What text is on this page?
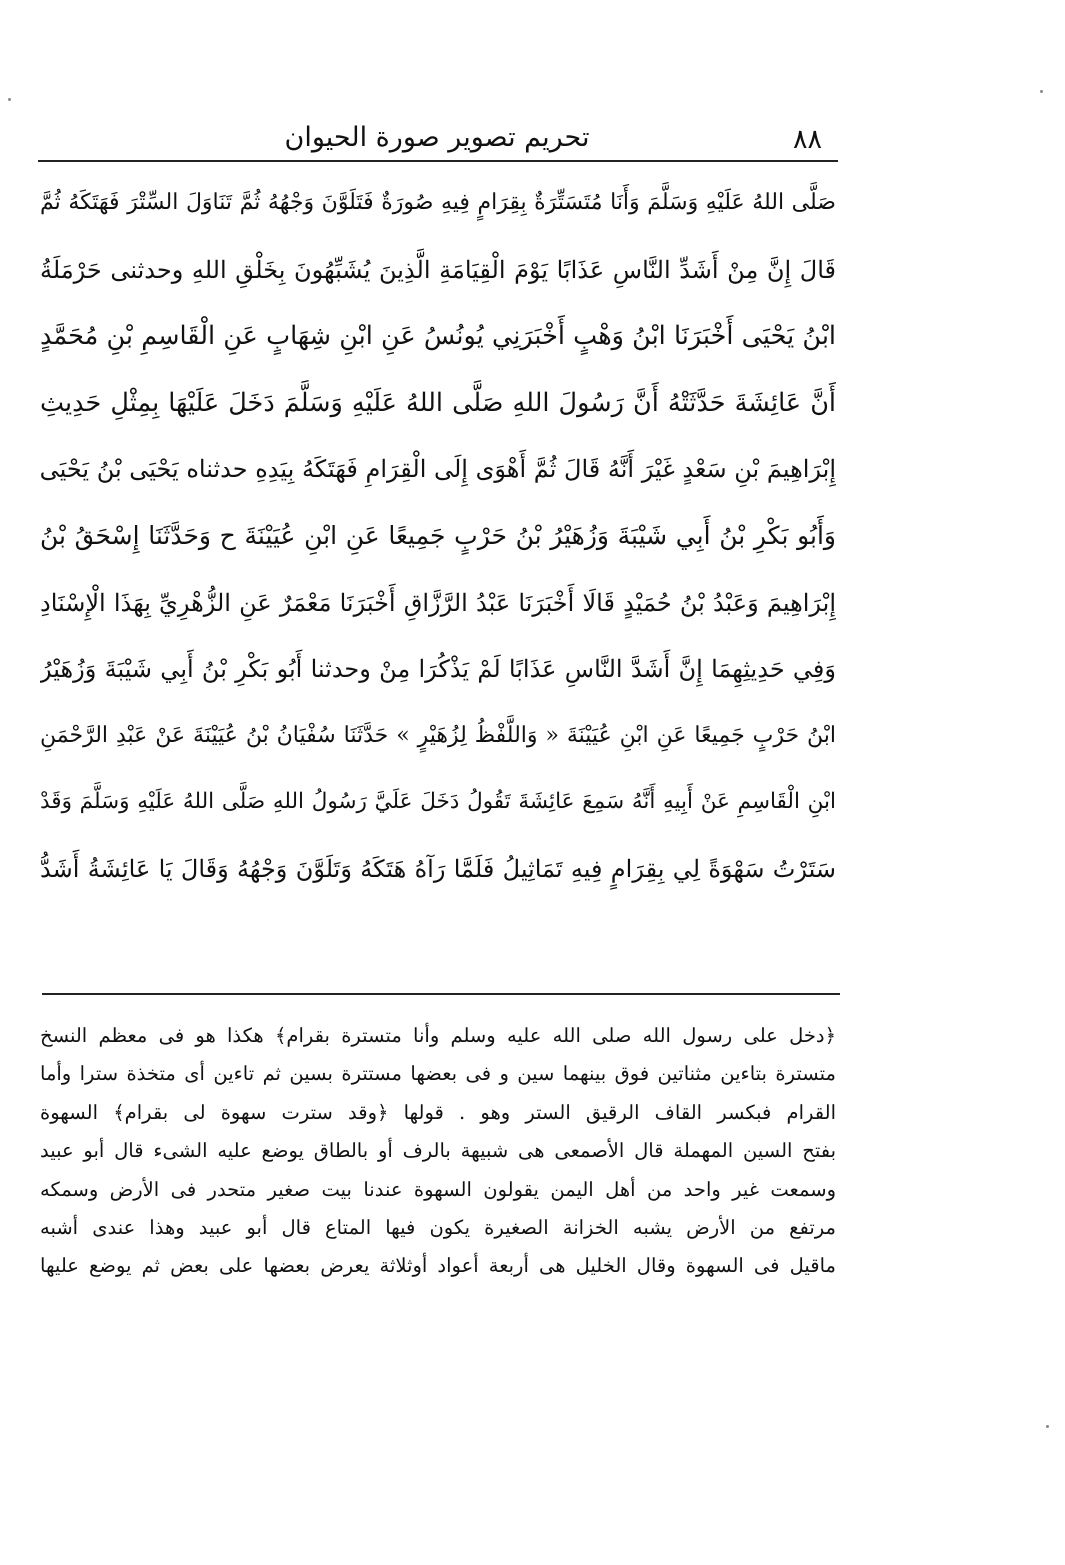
٨٨
تحريم تصوير صورة الحيوان
صَلَّى اللهُ عَلَيْهِ وَسَلَّمَ وَأَنَا مُتَسَتِّرَةٌ بِقِرَامٍ فِيهِ صُورَةٌ فَتَلَوَّنَ وَجْهُهُ ثُمَّ تَنَاوَلَ السِّتْرَ فَهَتَكَهُ ثُمَّ
قَالَ إِنَّ مِنْ أَشَدِّ النَّاسِ عَذَابًا يَوْمَ الْقِيَامَةِ الَّذِينَ يُشَبِّهُونَ بِخَلْقِ اللهِ وحدثنى حَرْمَلَةُ
ابْنُ يَحْيَى أَخْبَرَنَا ابْنُ وَهْبٍ أَخْبَرَنِي يُونُسُ عَنِ ابْنِ شِهَابٍ عَنِ الْقَاسِمِ بْنِ مُحَمَّدٍ
أَنَّ عَائِشَةَ حَدَّثَتْهُ أَنَّ رَسُولَ اللهِ صَلَّى اللهُ عَلَيْهِ وَسَلَّمَ دَخَلَ عَلَيْهَا بِمِثْلِ حَدِيثِ
إِبْرَاهِيمَ بْنِ سَعْدٍ غَيْرَ أَنَّهُ قَالَ ثُمَّ أَهْوَى إِلَى الْقِرَامِ فَهَتَكَهُ بِيَدِهِ حدثناه يَحْيَى بْنُ يَحْيَى
وَأَبُو بَكْرِ بْنُ أَبِي شَيْبَةَ وَزُهَيْرُ بْنُ حَرْبٍ جَمِيعًا عَنِ ابْنِ عُيَيْنَةَ ح وَحَدَّثَنَا إِسْحَقُ بْنُ
إِبْرَاهِيمَ وَعَبْدُ بْنُ حُمَيْدٍ قَالَا أَخْبَرَنَا عَبْدُ الرَّزَّاقِ أَخْبَرَنَا مَعْمَرٌ عَنِ الزُّهْرِيِّ بِهَذَا الْإِسْنَادِ
وَفِي حَدِيثِهِمَا إِنَّ أَشَدَّ النَّاسِ عَذَابًا لَمْ يَذْكُرَا مِنْ وحدثنا أَبُو بَكْرِ بْنُ أَبِي شَيْبَةَ وَزُهَيْرُ
ابْنُ حَرْبٍ جَمِيعًا عَنِ ابْنِ عُيَيْنَةَ « وَاللَّفْظُ لِزُهَيْرٍ » حَدَّثَنَا سُفْيَانُ بْنُ عُيَيْنَةَ عَنْ عَبْدِ الرَّحْمَنِ
ابْنِ الْقَاسِمِ عَنْ أَبِيهِ أَنَّهُ سَمِعَ عَائِشَةَ تَقُولُ دَخَلَ عَلَيَّ رَسُولُ اللهِ صَلَّى اللهُ عَلَيْهِ وَسَلَّمَ وَقَدْ
سَتَرْتُ سَهْوَةً لِي بِقِرَامٍ فِيهِ تَمَاثِيلُ فَلَمَّا رَآهُ هَتَكَهُ وَتَلَوَّنَ وَجْهُهُ وَقَالَ يَا عَائِشَةُ أَشَدُّ
﴿دخل على رسول الله صلى الله عليه وسلم وأنا متسترة بقرام﴾ هكذا هو فى معظم النسخ
متسترة بتاءين مثناتين فوق بينهما سين و فى بعضها مستترة بسين ثم تاءين أى متخذة سترا وأما
القرام فبكسر القاف الرقيق الستر وهو . قولها ﴿وقد سترت سهوة لى بقرام﴾ السهوة
بفتح السين المهملة قال الأصمعى هى شبيهة بالرف أو بالطاق يوضع عليه الشىء قال أبو عبيد
وسمعت غير واحد من أهل اليمن يقولون السهوة عندنا بيت صغير متحدر فى الأرض وسمكه
مرتفع من الأرض يشبه الخزانة الصغيرة يكون فيها المتاع قال أبو عبيد وهذا عندى أشبه
ماقيل فى السهوة وقال الخليل هى أربعة أعواد أوثلاثة يعرض بعضها على بعض ثم يوضع عليها
